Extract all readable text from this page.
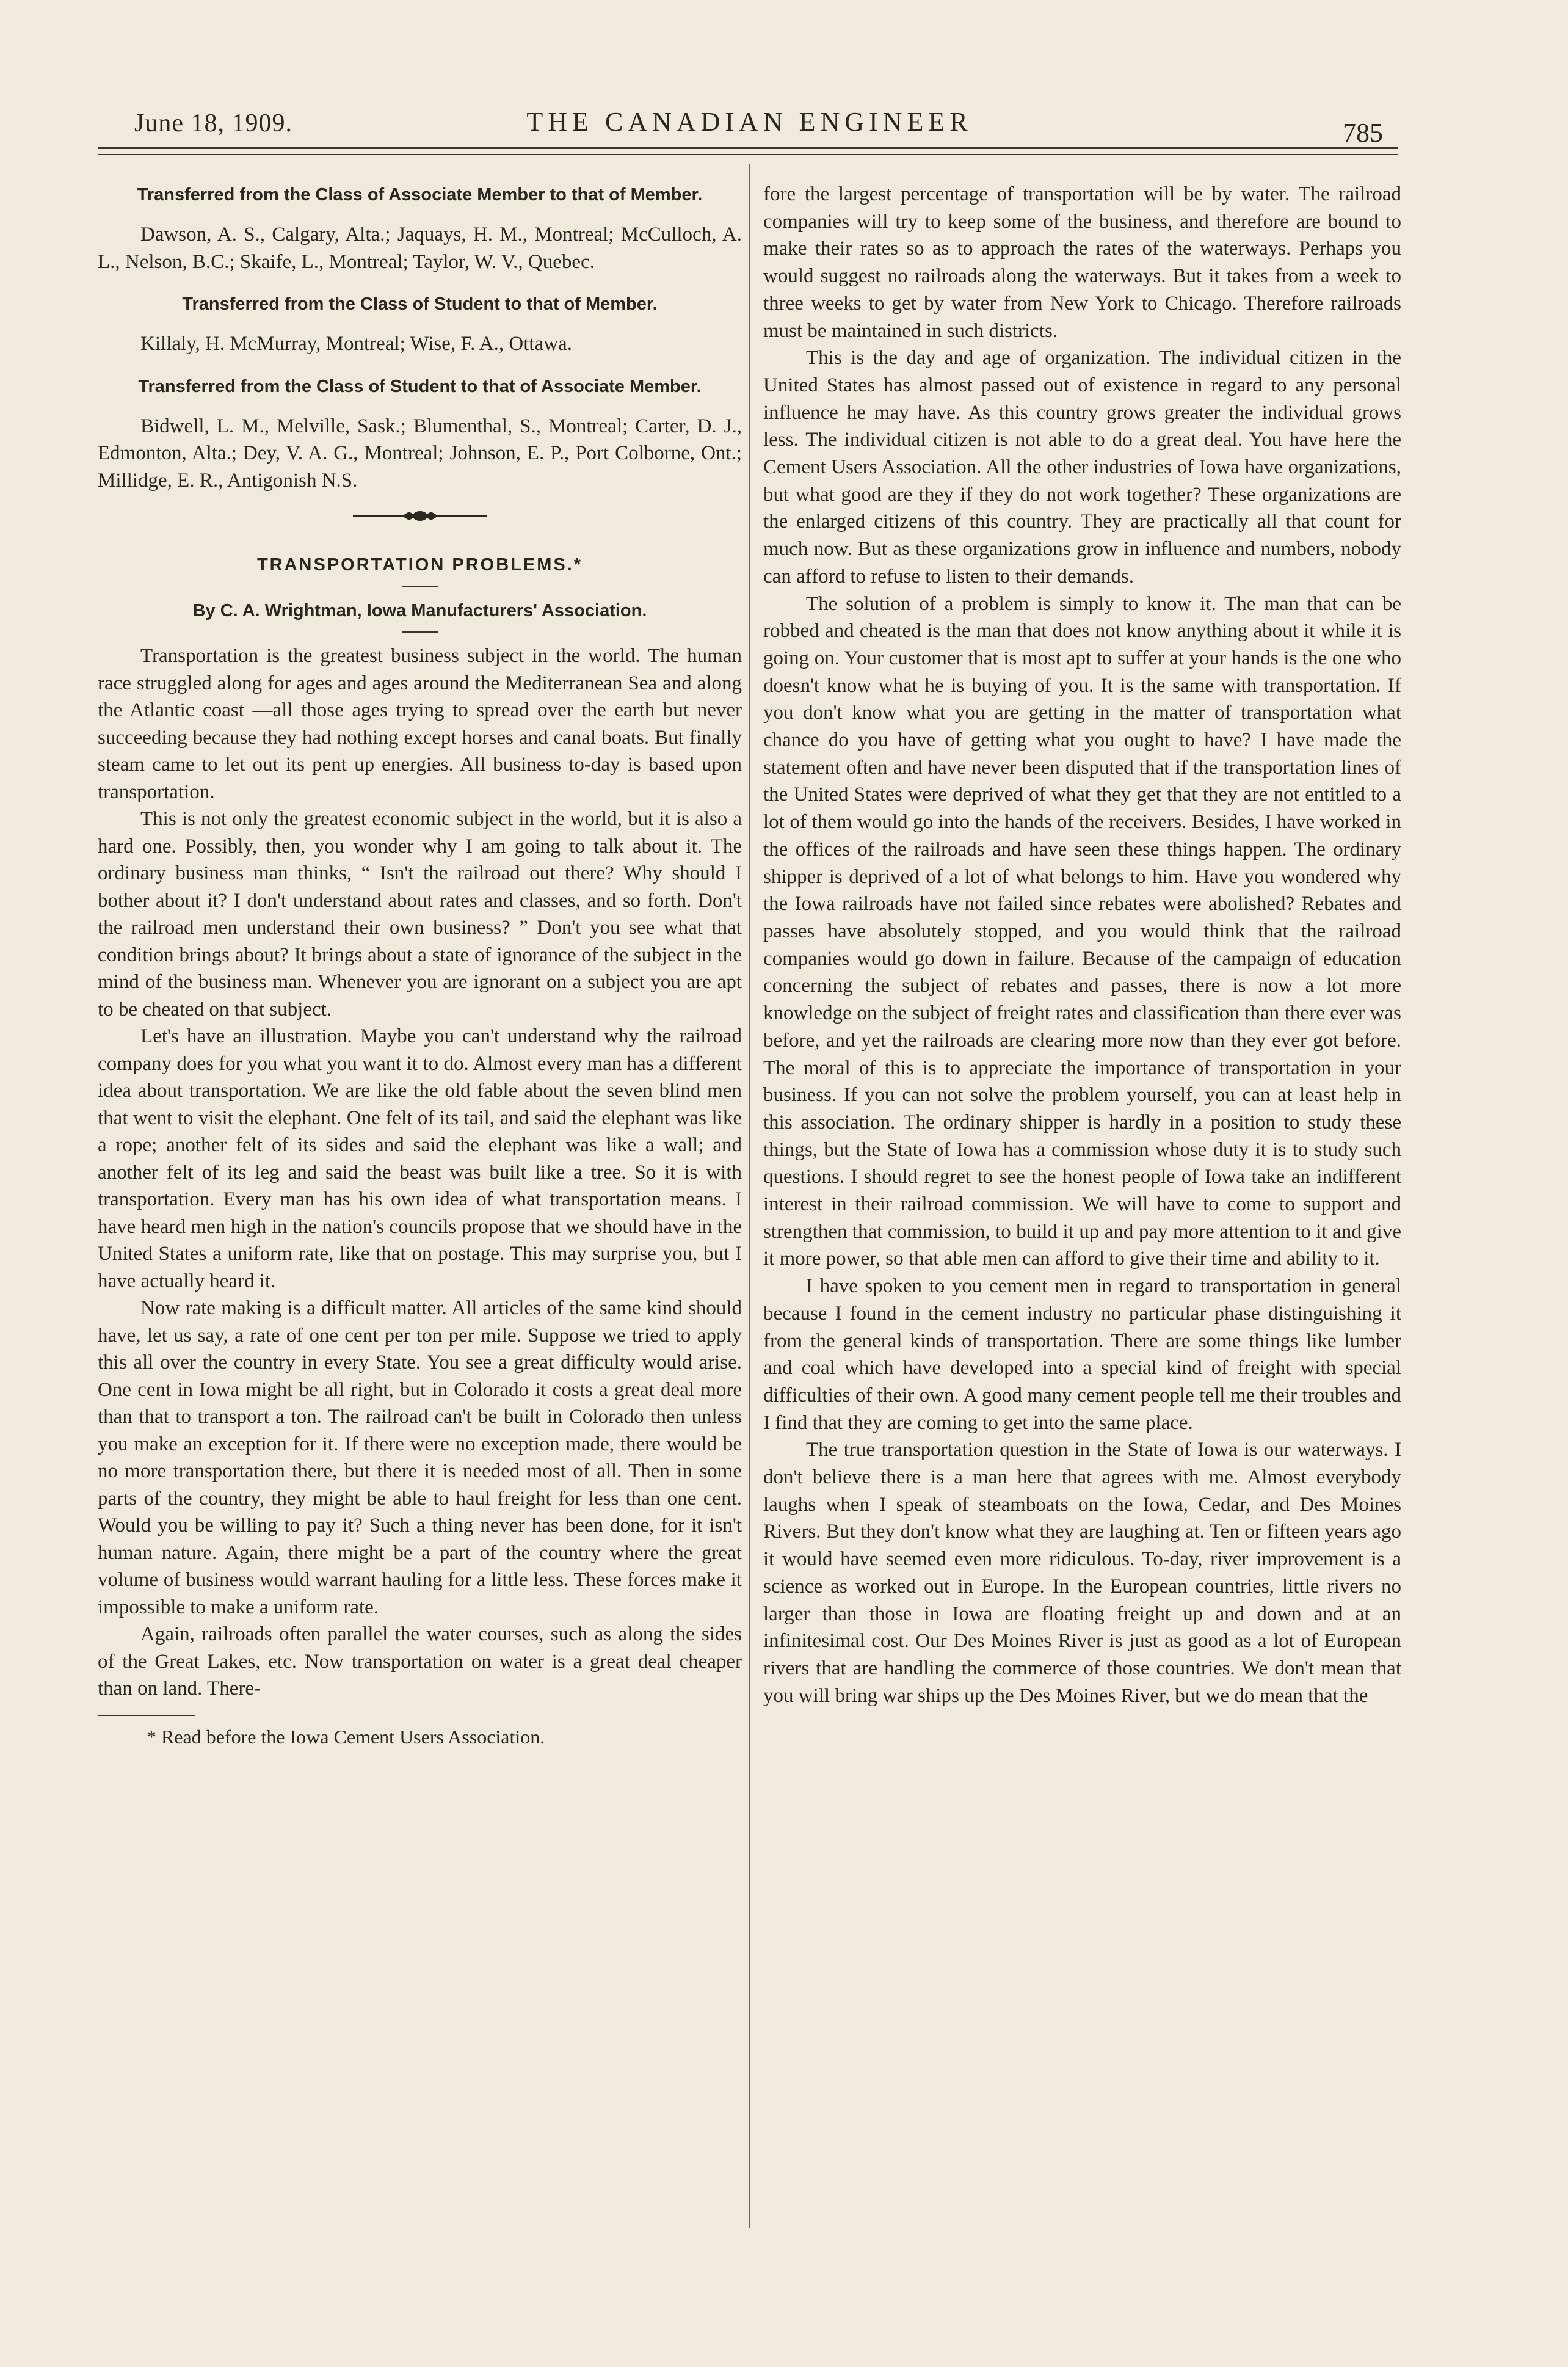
June 18, 1909.	THE CANADIAN ENGINEER	785
Transferred from the Class of Associate Member to that of Member.

Dawson, A. S., Calgary, Alta.; Jaquays, H. M., Montreal; McCulloch, A. L., Nelson, B.C.; Skaife, L., Montreal; Taylor, W. V., Quebec.

Transferred from the Class of Student to that of Member.

Killaly, H. McMurray, Montreal; Wise, F. A., Ottawa.

Transferred from the Class of Student to that of Associate Member.

Bidwell, L. M., Melville, Sask.; Blumenthal, S., Montreal; Carter, D. J., Edmonton, Alta.; Dey, V. A. G., Montreal; Johnson, E. P., Port Colborne, Ont.; Millidge, E. R., Antigonish N.S.

TRANSPORTATION PROBLEMS.*
By C. A. Wrightman, Iowa Manufacturers' Association.

Transportation is the greatest business subject in the world. The human race struggled along for ages and ages around the Mediterranean Sea and along the Atlantic coast —all those ages trying to spread over the earth but never succeeding because they had nothing except horses and canal boats. But finally steam came to let out its pent up energies. All business to-day is based upon transportation.

This is not only the greatest economic subject in the world, but it is also a hard one. Possibly, then, you wonder why I am going to talk about it. The ordinary business man thinks, “ Isn't the railroad out there? Why should I bother about it? I don't understand about rates and classes, and so forth. Don't the railroad men understand their own business? ” Don't you see what that condition brings about? It brings about a state of ignorance of the subject in the mind of the business man. Whenever you are ignorant on a subject you are apt to be cheated on that subject.

Let's have an illustration. Maybe you can't understand why the railroad company does for you what you want it to do. Almost every man has a different idea about transportation. We are like the old fable about the seven blind men that went to visit the elephant. One felt of its tail, and said the elephant was like a rope; another felt of its sides and said the elephant was like a wall; and another felt of its leg and said the beast was built like a tree. So it is with transportation. Every man has his own idea of what transportation means. I have heard men high in the nation's councils propose that we should have in the United States a uniform rate, like that on postage. This may surprise you, but I have actually heard it.

Now rate making is a difficult matter. All articles of the same kind should have, let us say, a rate of one cent per ton per mile. Suppose we tried to apply this all over the country in every State. You see a great difficulty would arise. One cent in Iowa might be all right, but in Colorado it costs a great deal more than that to transport a ton. The railroad can't be built in Colorado then unless you make an exception for it. If there were no exception made, there would be no more transportation there, but there it is needed most of all. Then in some parts of the country, they might be able to haul freight for less than one cent. Would you be willing to pay it? Such a thing never has been done, for it isn't human nature. Again, there might be a part of the country where the great volume of business would warrant hauling for a little less. These forces make it impossible to make a uniform rate.

Again, railroads often parallel the water courses, such as along the sides of the Great Lakes, etc. Now transportation on water is a great deal cheaper than on land. There-

* Read before the Iowa Cement Users Association.

fore the largest percentage of transportation will be by water. The railroad companies will try to keep some of the business, and therefore are bound to make their rates so as to approach the rates of the waterways. Perhaps you would suggest no railroads along the waterways. But it takes from a week to three weeks to get by water from New York to Chicago. Therefore railroads must be maintained in such districts.

This is the day and age of organization. The individual citizen in the United States has almost passed out of existence in regard to any personal influence he may have. As this country grows greater the individual grows less. The individual citizen is not able to do a great deal. You have here the Cement Users Association. All the other industries of Iowa have organizations, but what good are they if they do not work together? These organizations are the enlarged citizens of this country. They are practically all that count for much now. But as these organizations grow in influence and numbers, nobody can afford to refuse to listen to their demands.

The solution of a problem is simply to know it. The man that can be robbed and cheated is the man that does not know anything about it while it is going on. Your customer that is most apt to suffer at your hands is the one who doesn't know what he is buying of you. It is the same with transportation. If you don't know what you are getting in the matter of transportation what chance do you have of getting what you ought to have? I have made the statement often and have never been disputed that if the transportation lines of the United States were deprived of what they get that they are not entitled to a lot of them would go into the hands of the receivers. Besides, I have worked in the offices of the railroads and have seen these things happen. The ordinary shipper is deprived of a lot of what belongs to him. Have you wondered why the Iowa railroads have not failed since rebates were abolished? Rebates and passes have absolutely stopped, and you would think that the railroad companies would go down in failure. Because of the campaign of education concerning the subject of rebates and passes, there is now a lot more knowledge on the subject of freight rates and classification than there ever was before, and yet the railroads are clearing more now than they ever got before. The moral of this is to appreciate the importance of transportation in your business. If you can not solve the problem yourself, you can at least help in this association. The ordinary shipper is hardly in a position to study these things, but the State of Iowa has a commission whose duty it is to study such questions. I should regret to see the honest people of Iowa take an indifferent interest in their railroad commission. We will have to come to support and strengthen that commission, to build it up and pay more attention to it and give it more power, so that able men can afford to give their time and ability to it.

I have spoken to you cement men in regard to transportation in general because I found in the cement industry no particular phase distinguishing it from the general kinds of transportation. There are some things like lumber and coal which have developed into a special kind of freight with special difficulties of their own. A good many cement people tell me their troubles and I find that they are coming to get into the same place.

The true transportation question in the State of Iowa is our waterways. I don't believe there is a man here that agrees with me. Almost everybody laughs when I speak of steamboats on the Iowa, Cedar, and Des Moines Rivers. But they don't know what they are laughing at. Ten or fifteen years ago it would have seemed even more ridiculous. To-day, river improvement is a science as worked out in Europe. In the European countries, little rivers no larger than those in Iowa are floating freight up and down and at an infinitesimal cost. Our Des Moines River is just as good as a lot of European rivers that are handling the commerce of those countries. We don't mean that you will bring war ships up the Des Moines River, but we do mean that the
